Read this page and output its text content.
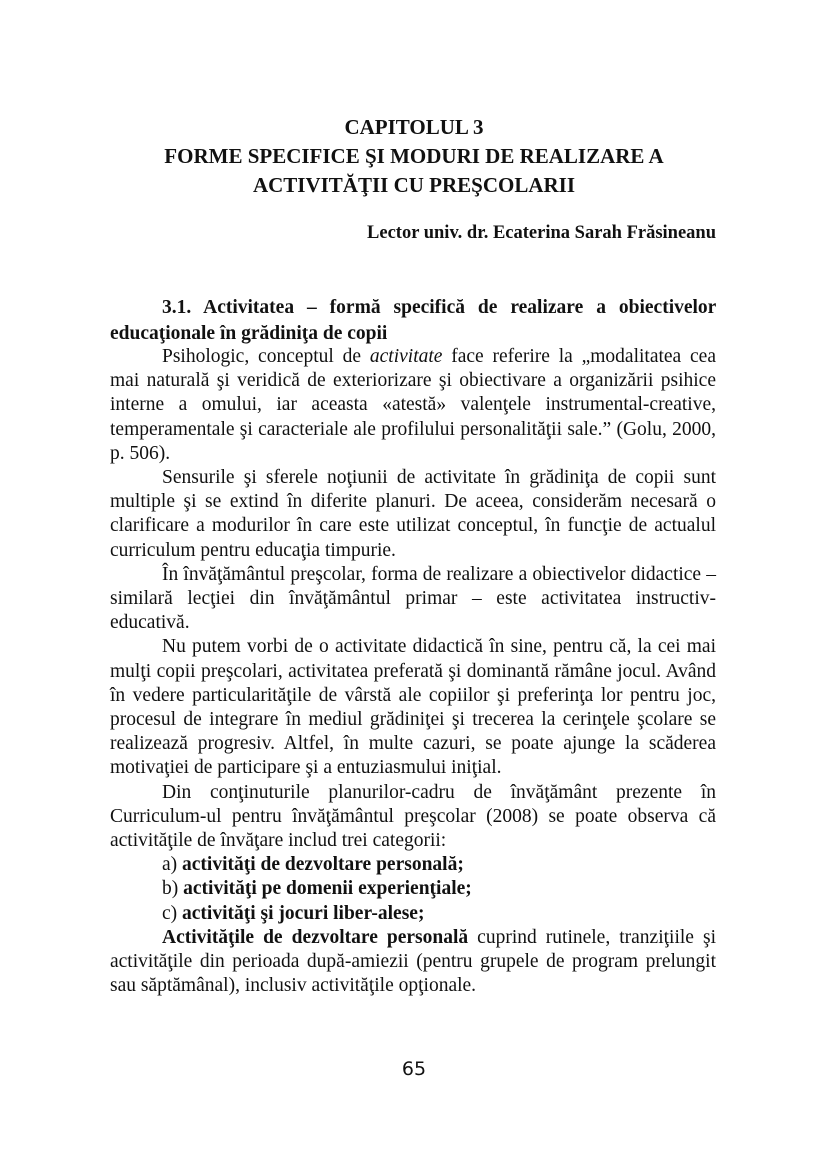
CAPITOLUL 3
FORME SPECIFICE ŞI MODURI DE REALIZARE A
ACTIVITĂŢII CU PREŞCOLARII
Lector univ. dr. Ecaterina Sarah Frăsineanu
3.1. Activitatea – formă specifică de realizare a obiectivelor educaţionale în grădiniţa de copii

Psihologic, conceptul de activitate face referire la „modalitatea cea mai naturală şi veridică de exteriorizare şi obiectivare a organizării psihice interne a omului, iar aceasta «atestă» valenţele instrumental-creative, temperamentale şi caracteriale ale profilului personalităţii sale.” (Golu, 2000, p. 506).

Sensurile şi sferele noţiunii de activitate în grădiniţa de copii sunt multiple şi se extind în diferite planuri. De aceea, considerăm necesară o clarificare a modurilor în care este utilizat conceptul, în funcţie de actualul curriculum pentru educaţia timpurie.

În învăţământul preşcolar, forma de realizare a obiectivelor didactice – similară lecţiei din învăţământul primar – este activitatea instructiv-educativă.

Nu putem vorbi de o activitate didactică în sine, pentru că, la cei mai mulţi copii preşcolari, activitatea preferată şi dominantă rămâne jocul. Având în vedere particularităţile de vârstă ale copiilor şi preferinţa lor pentru joc, procesul de integrare în mediul grădiniţei şi trecerea la cerinţele şcolare se realizează progresiv. Altfel, în multe cazuri, se poate ajunge la scăderea motivaţiei de participare şi a entuziasmului iniţial.

Din conţinuturile planurilor-cadru de învăţământ prezente în Curriculum-ul pentru învăţământul preşcolar (2008) se poate observa că activităţile de învăţare includ trei categorii:

a) activităţi de dezvoltare personală;
b) activităţi pe domenii experienţiale;
c) activităţi şi jocuri liber-alese;

Activităţile de dezvoltare personală cuprind rutinele, tranziţiile şi activităţile din perioada după-amiezii (pentru grupele de program prelungit sau săptămânal), inclusiv activităţile opţionale.

65
